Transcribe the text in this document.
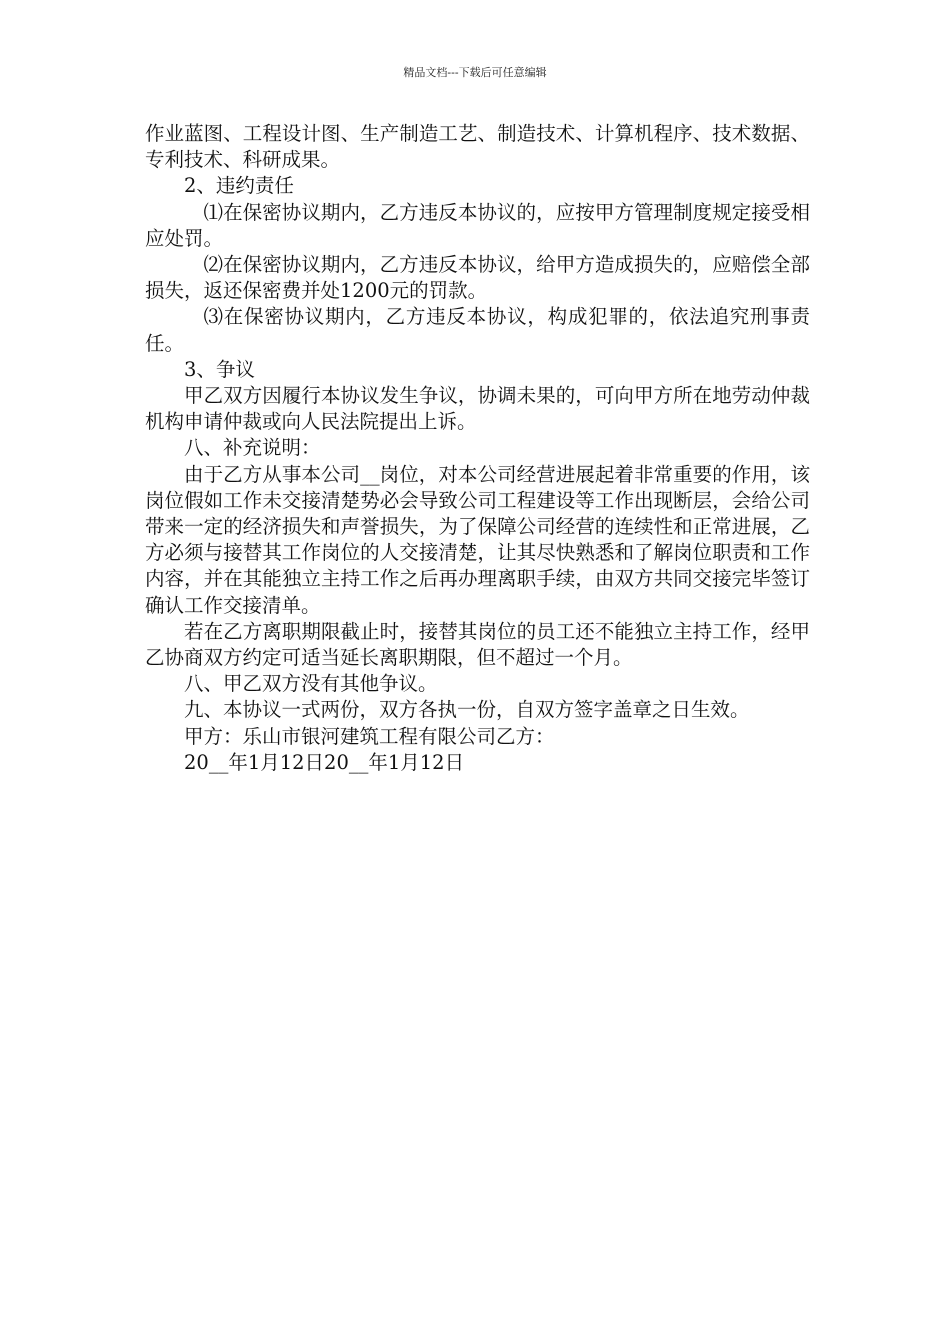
精品文档---下载后可任意编辑

作业蓝图、工程设计图、生产制造工艺、制造技术、计算机程序、技术数据、专利技术、科研成果。

2、违约责任

⑴在保密协议期内，乙方违反本协议的，应按甲方管理制度规定接受相应处罚。

⑵在保密协议期内，乙方违反本协议，给甲方造成损失的，应赔偿全部损失，返还保密费并处1200元的罚款。

⑶在保密协议期内，乙方违反本协议，构成犯罪的，依法追究刑事责任。

3、争议

甲乙双方因履行本协议发生争议，协调未果的，可向甲方所在地劳动仲裁机构申请仲裁或向人民法院提出上诉。

八、补充说明：

由于乙方从事本公司__岗位，对本公司经营进展起着非常重要的作用，该岗位假如工作未交接清楚势必会导致公司工程建设等工作出现断层，会给公司带来一定的经济损失和声誉损失，为了保障公司经营的连续性和正常进展，乙方必须与接替其工作岗位的人交接清楚，让其尽快熟悉和了解岗位职责和工作内容，并在其能独立主持工作之后再办理离职手续，由双方共同交接完毕签订确认工作交接清单。

若在乙方离职期限截止时，接替其岗位的员工还不能独立主持工作，经甲乙协商双方约定可适当延长离职期限，但不超过一个月。

八、甲乙双方没有其他争议。

九、本协议一式两份，双方各执一份，自双方签字盖章之日生效。

甲方：乐山市银河建筑工程有限公司乙方：

20__年1月12日20__年1月12日
